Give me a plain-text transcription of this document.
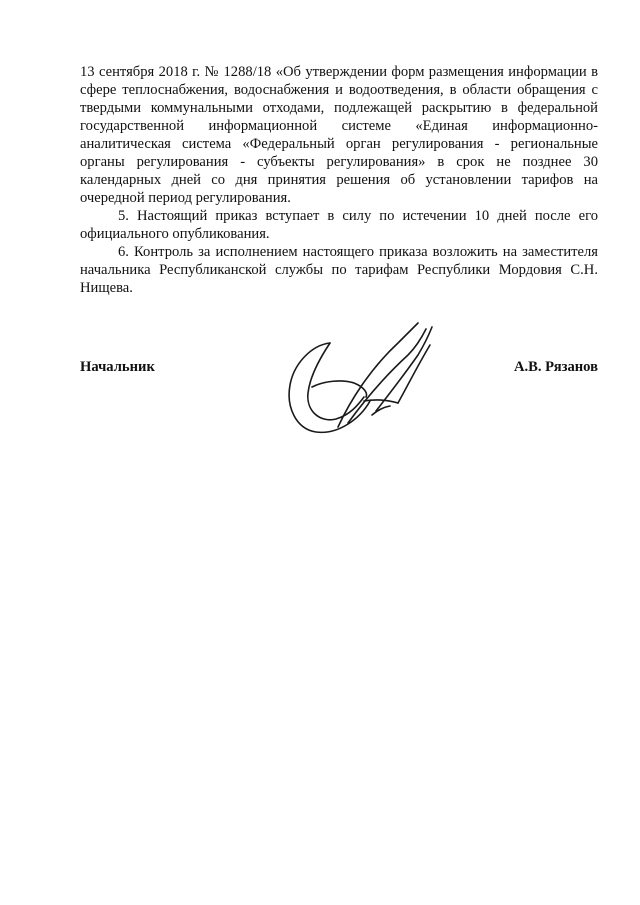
13 сентября 2018 г. № 1288/18 «Об утверждении форм размещения информации в сфере теплоснабжения, водоснабжения и водоотведения, в области обращения с твердыми коммунальными отходами, подлежащей раскрытию в федеральной государственной информационной системе «Единая информационно-аналитическая система «Федеральный орган регулирования - региональные органы регулирования - субъекты регулирования» в срок не позднее 30 календарных дней со дня принятия решения об установлении тарифов на очередной период регулирования.

5. Настоящий приказ вступает в силу по истечении 10 дней после его официального опубликования.

6. Контроль за исполнением настоящего приказа возложить на заместителя начальника Республиканской службы по тарифам Республики Мордовия С.Н. Нищева.

Начальник	А.В. Рязанов
